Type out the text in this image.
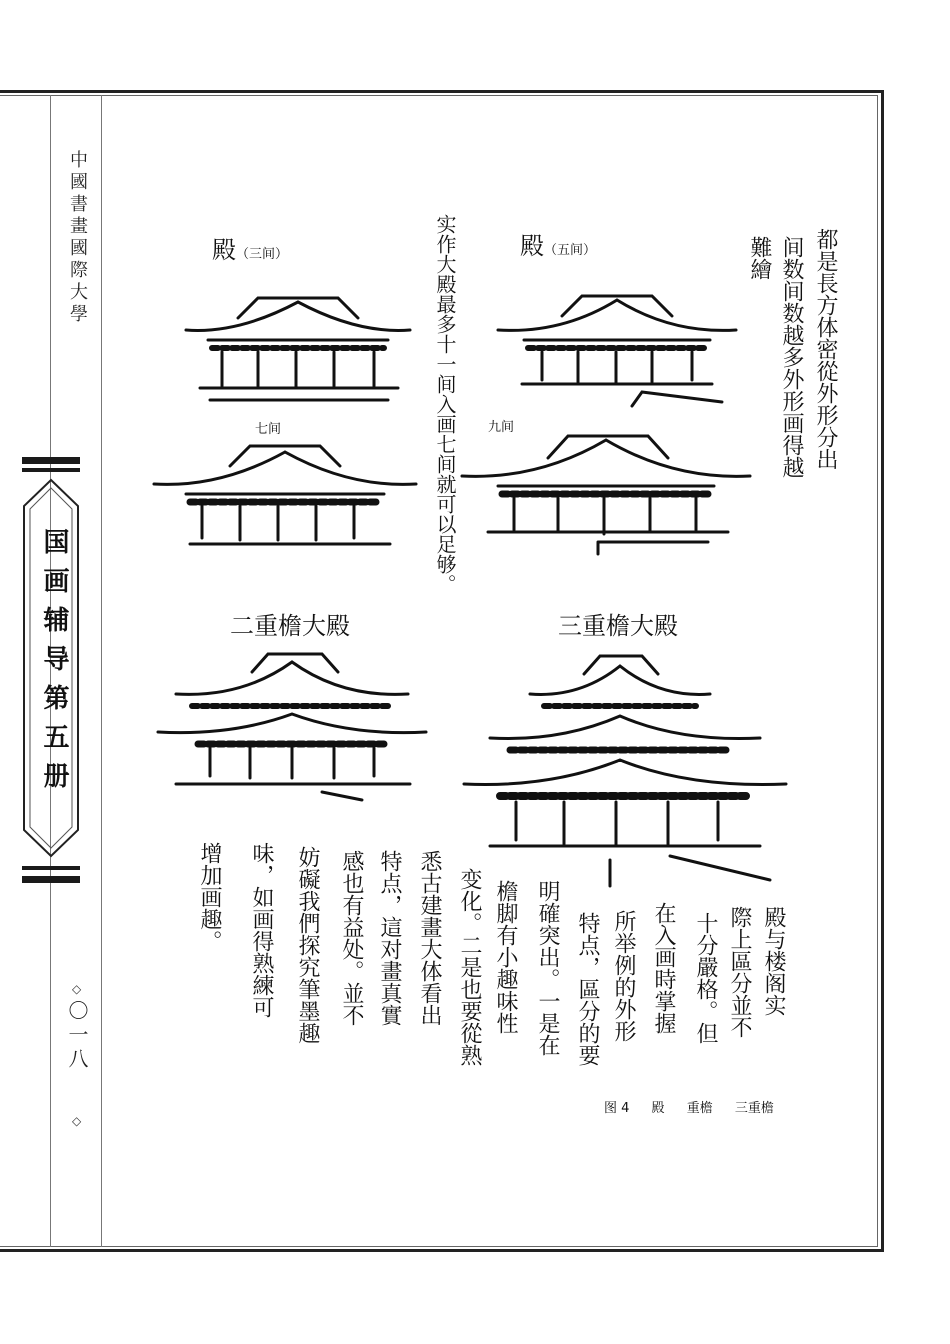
中國書畫國際大學
国画辅导第五册
◇
〇一八
◇
殿（三间）	殿（五间）
七间	九间
二重檐大殿	三重檐大殿
都是長方体密從外形分出
间数间数越多外形画得越
難繪
实作大殿最多十一间入画七间就可以足够。
殿与楼阁实
際上區分並不
十分嚴格。但
在入画時掌握
所举例的外形
特点，區分的要
明確突出。一是在
檐脚有小趣味性
变化。二是也要從熟
悉古建畫大体看出
特点，這对畫真實
感也有益处。並不
妨礙我們探究筆墨趣
味，如画得熟練可
增加画趣。
图 4 殿 重檐 三重檐
